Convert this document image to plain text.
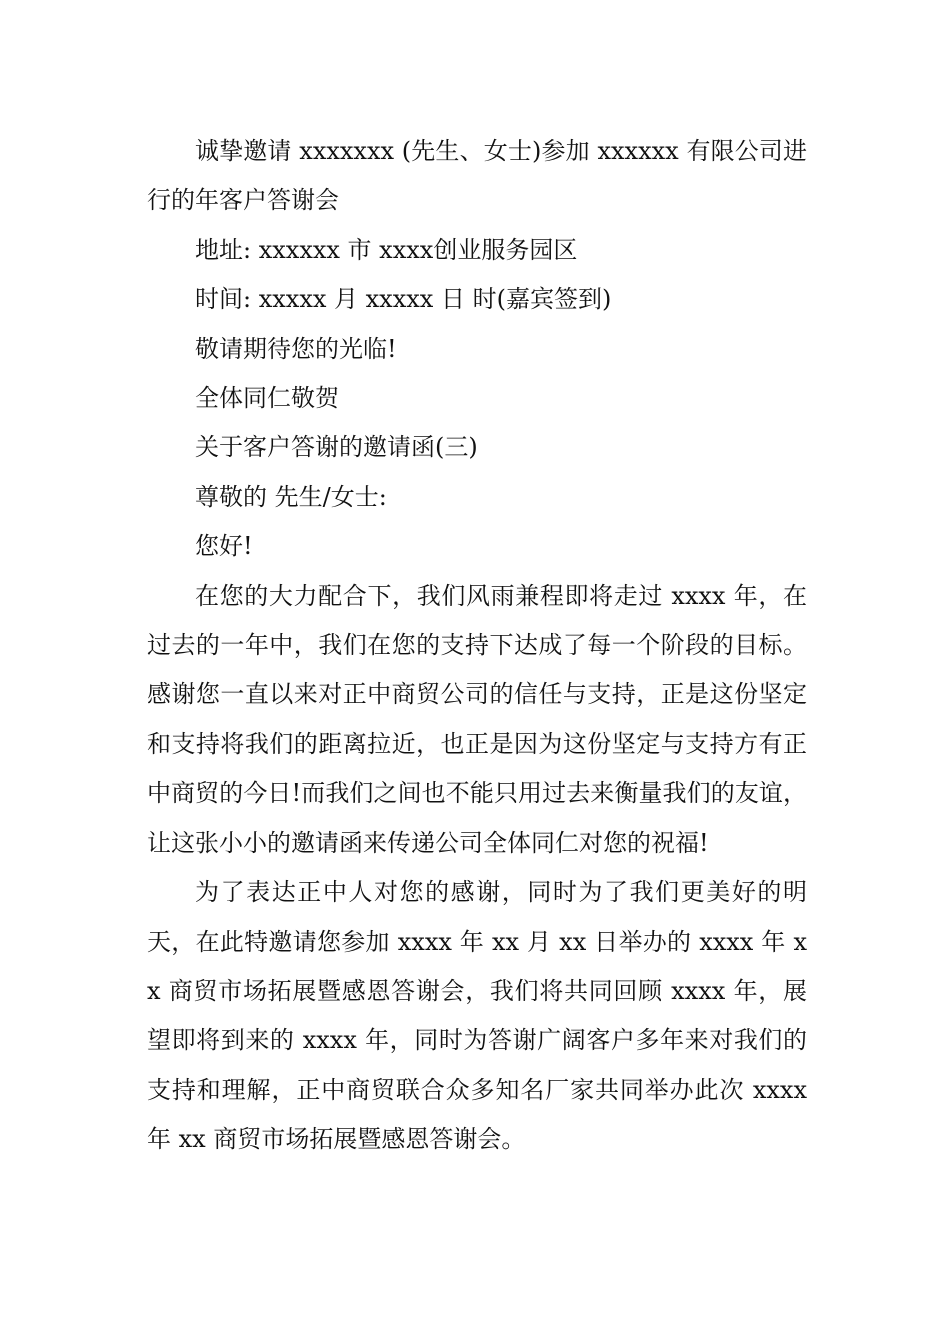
诚挚邀请 xxxxxxx (先生、女士)参加 xxxxxx 有限公司进行的年客户答谢会

地址: xxxxxx 市 xxxx创业服务园区

时间: xxxxx 月 xxxxx 日 时(嘉宾签到)

敬请期待您的光临!

全体同仁敬贺

关于客户答谢的邀请函(三)

尊敬的 先生/女士:

您好!

在您的大力配合下，我们风雨兼程即将走过 xxxx 年，在过去的一年中，我们在您的支持下达成了每一个阶段的目标。感谢您一直以来对正中商贸公司的信任与支持，正是这份坚定和支持将我们的距离拉近，也正是因为这份坚定与支持方有正中商贸的今日!而我们之间也不能只用过去来衡量我们的友谊，让这张小小的邀请函来传递公司全体同仁对您的祝福!

为了表达正中人对您的感谢，同时为了我们更美好的明天，在此特邀请您参加 xxxx 年 xx 月 xx 日举办的 xxxx 年 xx 商贸市场拓展暨感恩答谢会，我们将共同回顾 xxxx 年，展望即将到来的 xxxx 年，同时为答谢广阔客户多年来对我们的支持和理解，正中商贸联合众多知名厂家共同举办此次 xxxx 年 xx 商贸市场拓展暨感恩答谢会。
